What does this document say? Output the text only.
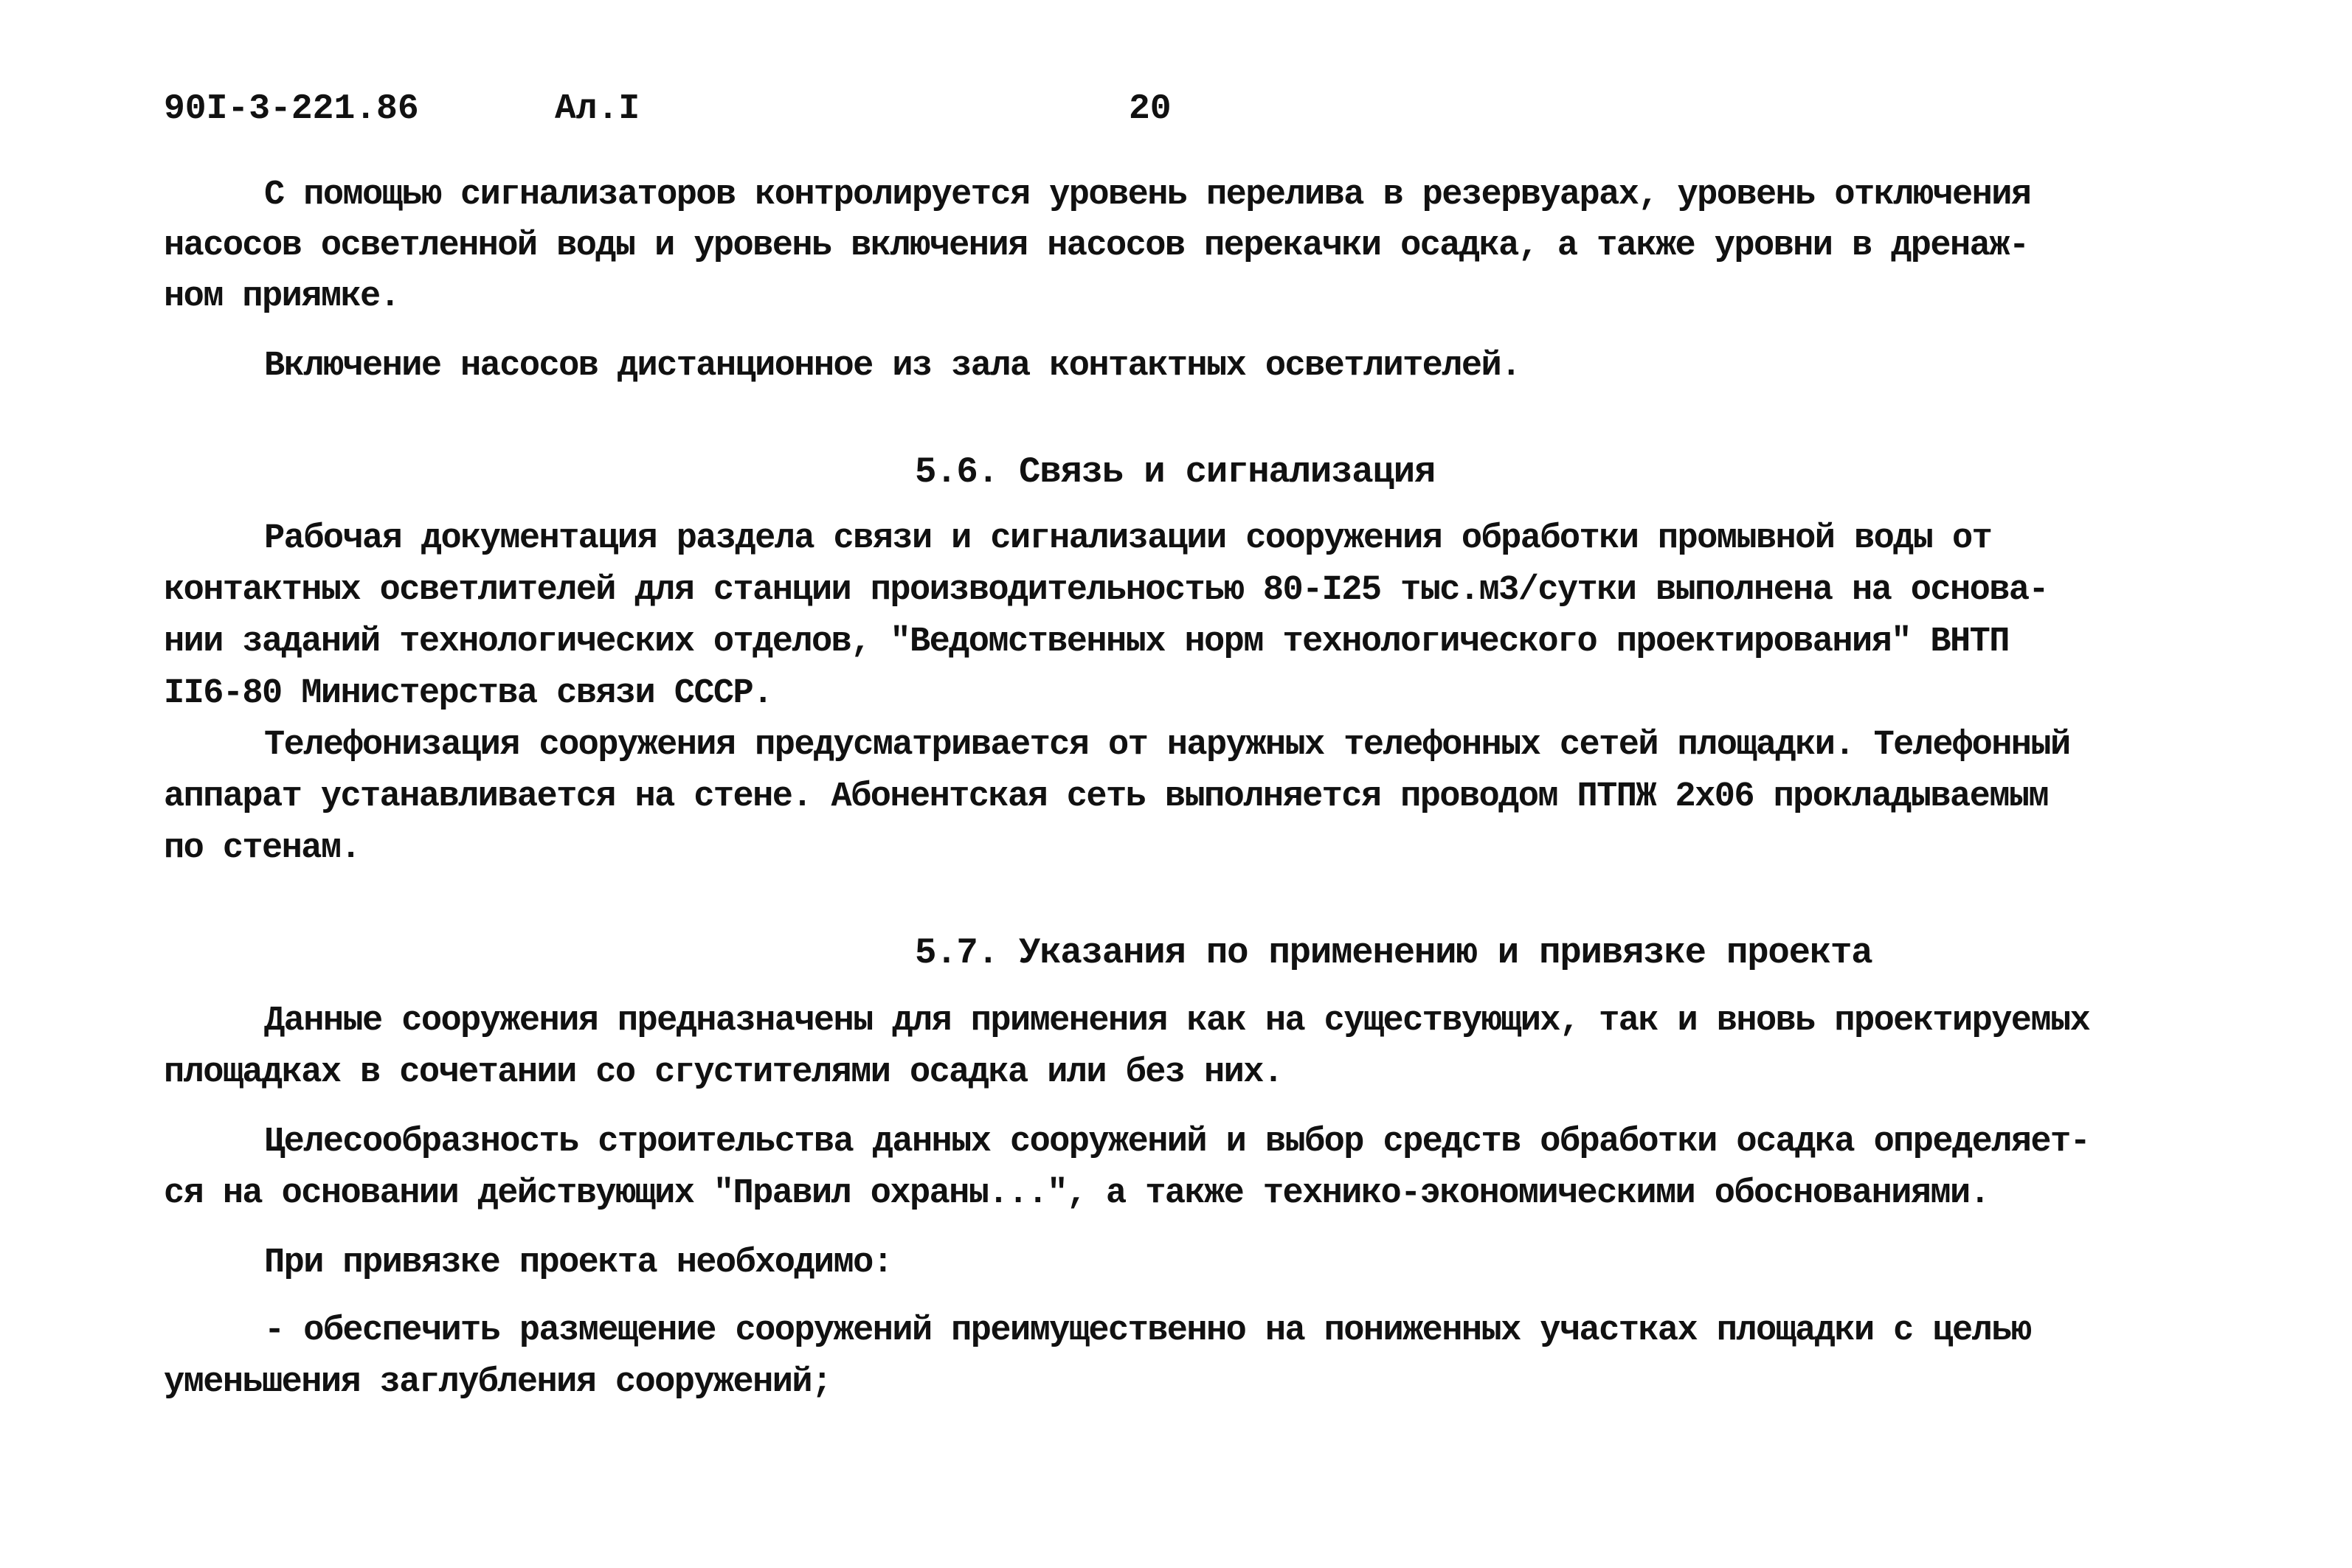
90I-3-221.86	Ал.I	20
С помощью сигнализаторов контролируется уровень перелива в резервуарах, уровень отключения
насосов осветленной воды и уровень включения насосов перекачки осадка, а также уровни в дренаж-
ном приямке.
Включение насосов дистанционное из зала контактных осветлителей.
5.6. Связь и сигнализация
Рабочая документация раздела связи и сигнализации сооружения обработки промывной воды от
контактных осветлителей для станции производительностью 80-I25 тыс.м3/сутки выполнена на основа-
нии заданий технологических отделов, "Ведомственных норм технологического проектирования" ВНТП
II6-80 Министерства связи СССР.
Телефонизация сооружения предусматривается от наружных телефонных сетей площадки. Телефонный
аппарат устанавливается на стене. Абонентская сеть выполняется проводом ПТПЖ 2х06 прокладываемым
по стенам.
5.7. Указания по применению и привязке проекта
Данные сооружения предназначены для применения как на существующих, так и вновь проектируемых
площадках в сочетании со сгустителями осадка или без них.
Целесообразность строительства данных сооружений и выбор средств обработки осадка определяет-
ся на основании действующих "Правил охраны...", а также технико-экономическими обоснованиями.
При привязке проекта необходимо:
- обеспечить размещение сооружений преимущественно на пониженных участках площадки с целью
уменьшения заглубления сооружений;
